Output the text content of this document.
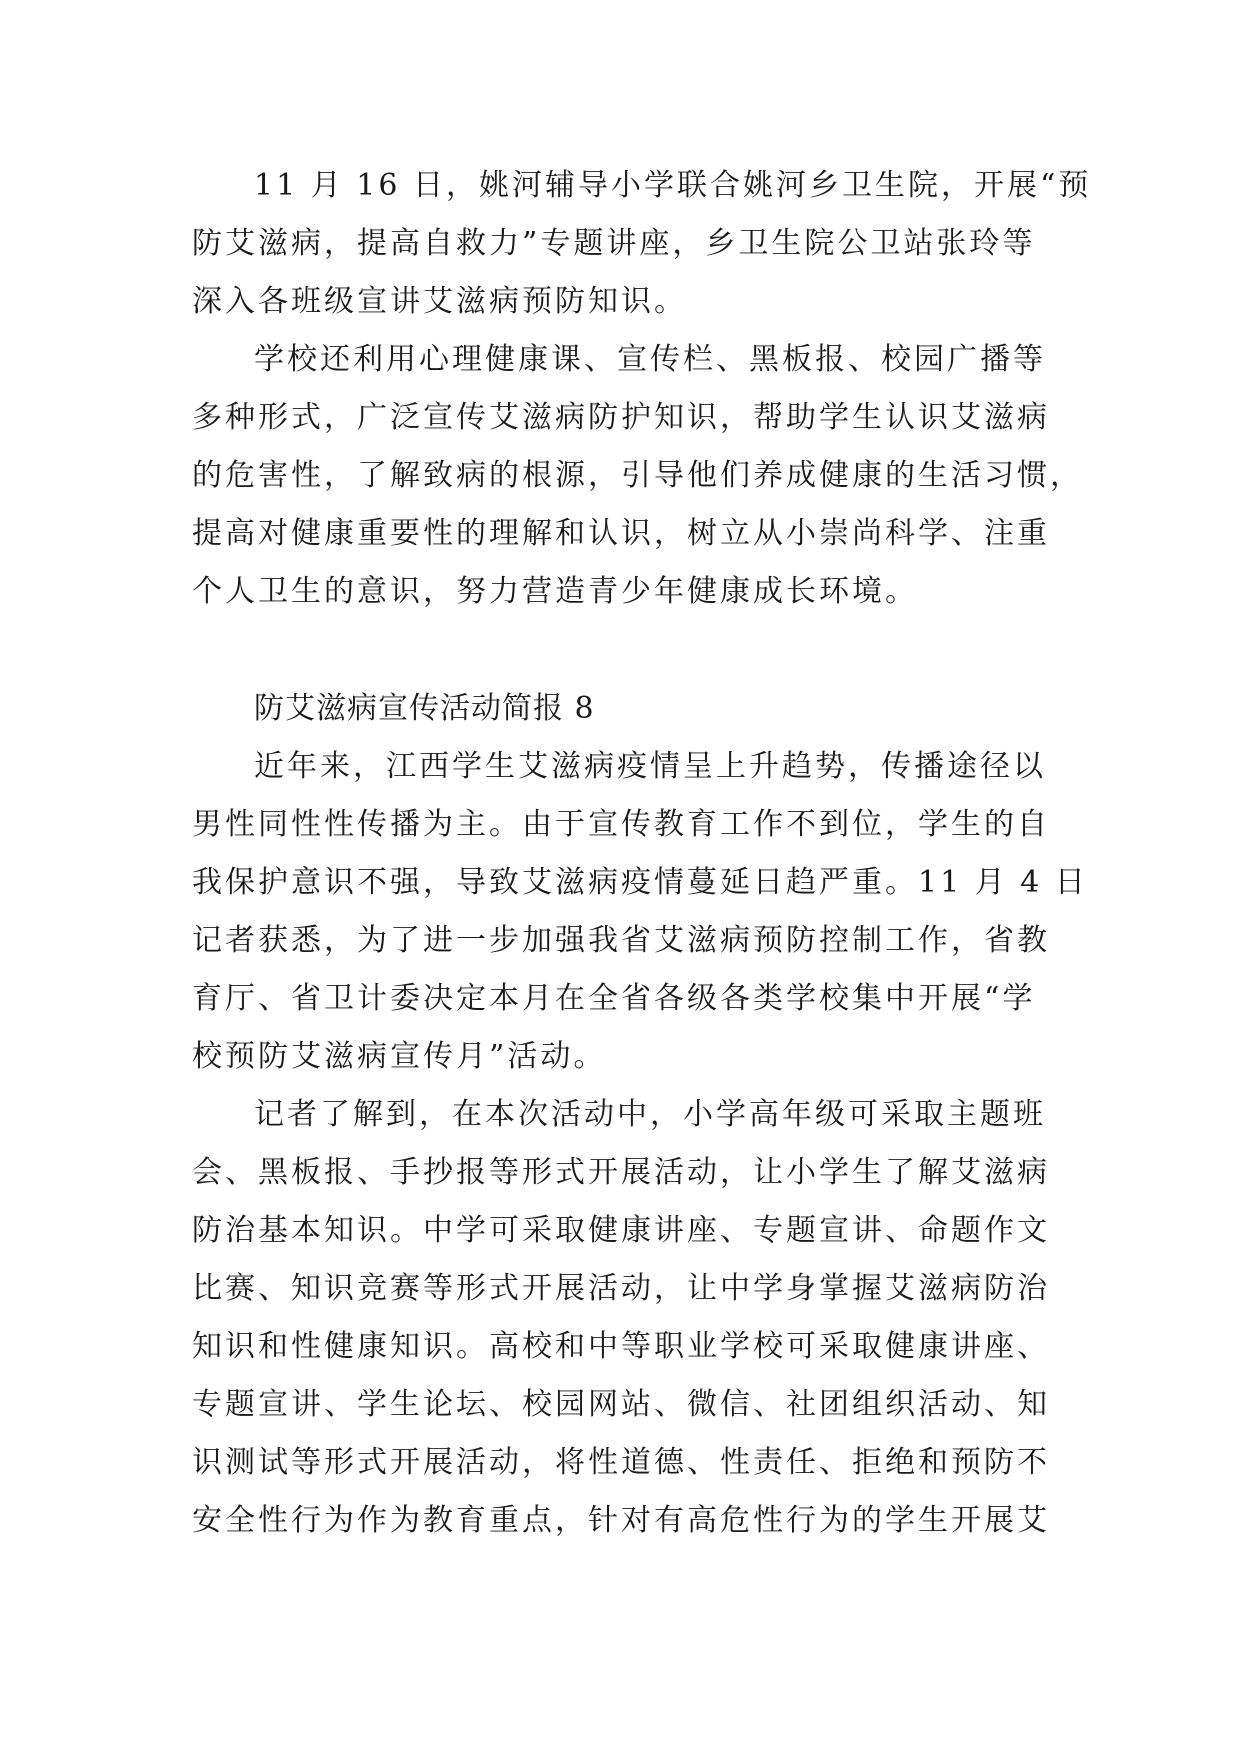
11 月 16 日，姚河辅导小学联合姚河乡卫生院，开展“预
防艾滋病，提高自救力”专题讲座，乡卫生院公卫站张玲等
深入各班级宣讲艾滋病预防知识。
学校还利用心理健康课、宣传栏、黑板报、校园广播等
多种形式，广泛宣传艾滋病防护知识，帮助学生认识艾滋病
的危害性，了解致病的根源，引导他们养成健康的生活习惯，
提高对健康重要性的理解和认识，树立从小崇尚科学、注重
个人卫生的意识，努力营造青少年健康成长环境。
防艾滋病宣传活动简报 8
近年来，江西学生艾滋病疫情呈上升趋势，传播途径以
男性同性性传播为主。由于宣传教育工作不到位，学生的自
我保护意识不强，导致艾滋病疫情蔓延日趋严重。11 月 4 日
记者获悉，为了进一步加强我省艾滋病预防控制工作，省教
育厅、省卫计委决定本月在全省各级各类学校集中开展“学
校预防艾滋病宣传月”活动。
记者了解到，在本次活动中，小学高年级可采取主题班
会、黑板报、手抄报等形式开展活动，让小学生了解艾滋病
防治基本知识。中学可采取健康讲座、专题宣讲、命题作文
比赛、知识竞赛等形式开展活动，让中学身掌握艾滋病防治
知识和性健康知识。高校和中等职业学校可采取健康讲座、
专题宣讲、学生论坛、校园网站、微信、社团组织活动、知
识测试等形式开展活动，将性道德、性责任、拒绝和预防不
安全性行为作为教育重点，针对有高危性行为的学生开展艾
